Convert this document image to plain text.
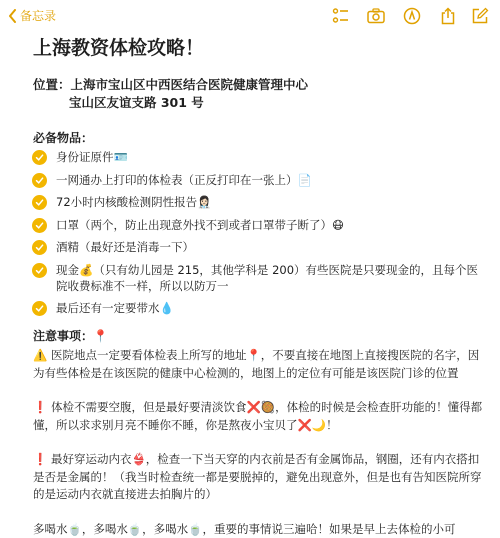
备忘录
上海教资体检攻略！
位置：上海市宝山区中西医结合医院健康管理中心
宝山区友谊支路 301 号
必备物品：
身份证原件🪪
一网通办上打印的体检表（正反打印在一张上）📄
72小时内核酸检测阴性报告👩🏻‍⚕️
口罩（两个，防止出现意外找不到或者口罩带子断了）😷
酒精（最好还是消毒一下）
现金💰（只有幼儿园是 215，其他学科是 200）有些医院是只要现金的，且每个医院收费标准不一样，所以以防万一
最后还有一定要带水💧
注意事项：📍
⚠️ 医院地点一定要看体检表上所写的地址📍，不要直接在地图上直接搜医院的名字，因为有些体检是在该医院的健康中心检测的，地图上的定位有可能是该医院门诊的位置
❗ 体检不需要空腹，但是最好要清淡饮食❌🥘，体检的时候是会检查肝功能的！懂得都懂，所以求求别月亮不睡你不睡，你是熬夜小宝贝了❌🌙！
❗ 最好穿运动内衣👙，检查一下当天穿的内衣前是否有金属饰品，钢圈，还有内衣搭扣是否是金属的！（我当时检查统一都是要脱掉的，避免出现意外，但是也有告知医院所穿的是运动内衣就直接进去拍胸片的）
多喝水🍵，多喝水🍵，多喝水🍵，重要的事情说三遍哈！如果是早上去体检的小可
